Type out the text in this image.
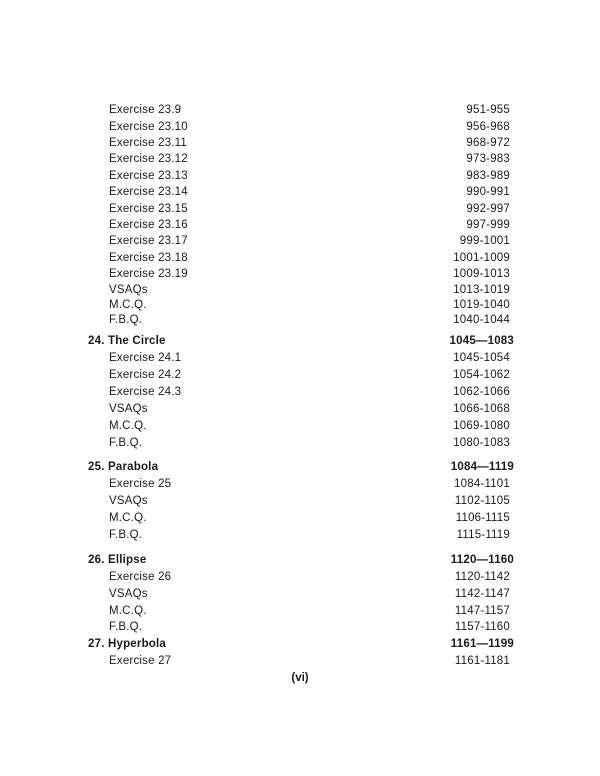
Exercise 23.9	951-955
Exercise 23.10	956-968
Exercise 23.11	968-972
Exercise 23.12	973-983
Exercise 23.13	983-989
Exercise 23.14	990-991
Exercise 23.15	992-997
Exercise 23.16	997-999
Exercise 23.17	999-1001
Exercise 23.18	1001-1009
Exercise 23.19	1009-1013
VSAQs	1013-1019
M.C.Q.	1019-1040
F.B.Q.	1040-1044
24. The Circle	1045—1083
Exercise 24.1	1045-1054
Exercise 24.2	1054-1062
Exercise 24.3	1062-1066
VSAQs	1066-1068
M.C.Q.	1069-1080
F.B.Q.	1080-1083
25. Parabola	1084—1119
Exercise 25	1084-1101
VSAQs	1102-1105
M.C.Q.	1106-1115
F.B.Q.	1115-1119
26. Ellipse	1120—1160
Exercise 26	1120-1142
VSAQs	1142-1147
M.C.Q.	1147-1157
F.B.Q.	1157-1160
27. Hyperbola	1161—1199
Exercise 27	1161-1181
(vi)
